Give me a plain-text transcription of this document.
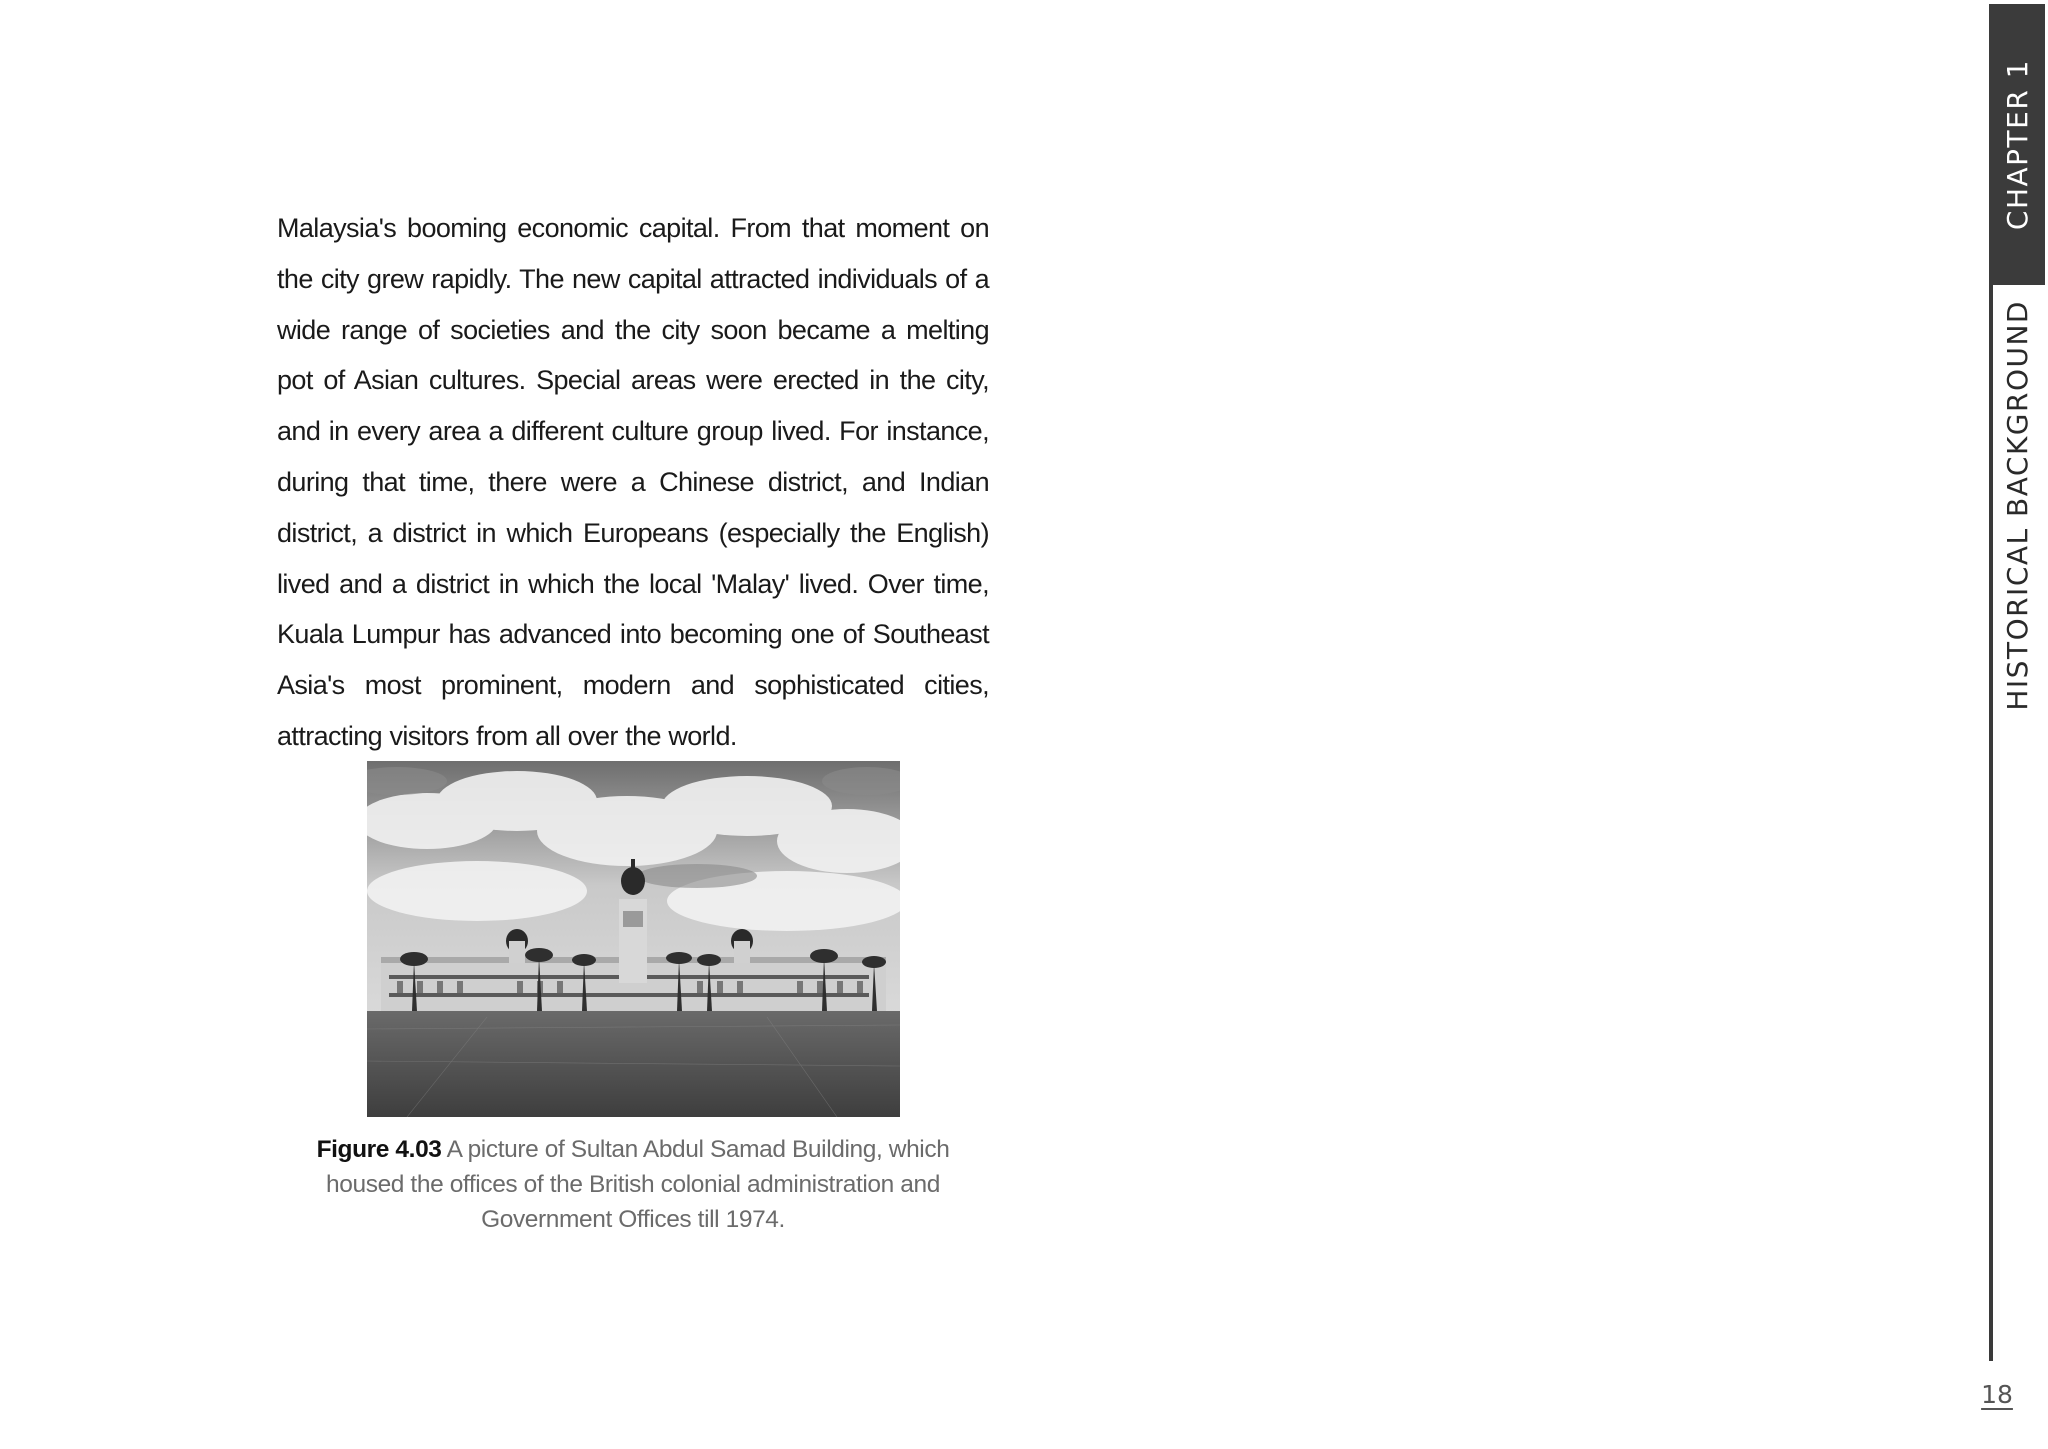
Malaysia's booming economic capital. From that moment on the city grew rapidly. The new capital attracted individuals of a wide range of societies and the city soon became a melting pot of Asian cultures. Special areas were erected in the city, and in every area a different culture group lived. For instance, during that time, there were a Chinese district, and Indian district, a district in which Europeans (especially the English) lived and a district in which the local 'Malay' lived. Over time, Kuala Lumpur has advanced into becoming one of Southeast Asia's most prominent, modern and sophisticated cities, attracting visitors from all over the world.

Figure 4.03 A picture of Sultan Abdul Samad Building, which housed the offices of the British colonial administration and Government Offices till 1974.

CHAPTER 1
HISTORICAL BACKGROUND
18
